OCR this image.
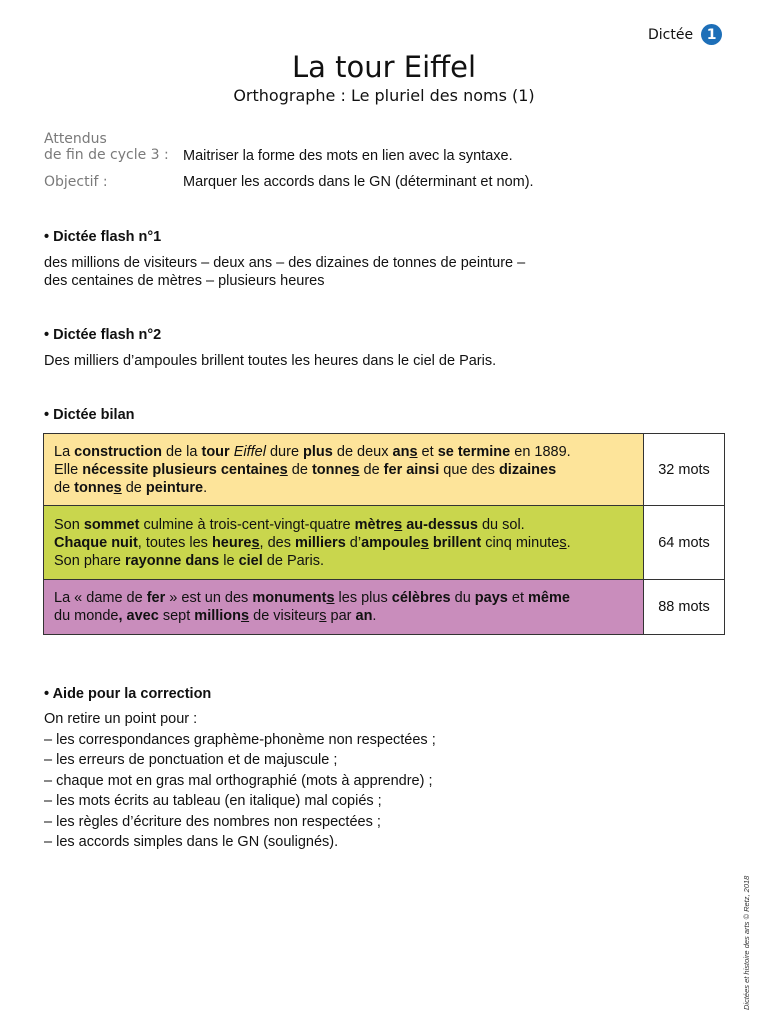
Dictée 1
La tour Eiffel
Orthographe : Le pluriel des noms (1)
Attendus
de fin de cycle 3 : Maitriser la forme des mots en lien avec la syntaxe.
Objectif :	Marquer les accords dans le GN (déterminant et nom).
• Dictée flash n°1
des millions de visiteurs – deux ans – des dizaines de tonnes de peinture –
des centaines de mètres – plusieurs heures
• Dictée flash n°2
Des milliers d’ampoules brillent toutes les heures dans le ciel de Paris.
• Dictée bilan
La construction de la tour Eiffel dure plus de deux ans et se termine en 1889.
Elle nécessite plusieurs centaines de tonnes de fer ainsi que des dizaines
de tonnes de peinture.	32 mots
Son sommet culmine à trois-cent-vingt-quatre mètres au-dessus du sol.
Chaque nuit, toutes les heures, des milliers d’ampoules brillent cinq minutes.
Son phare rayonne dans le ciel de Paris.	64 mots
La « dame de fer » est un des monuments les plus célèbres du pays et même
du monde, avec sept millions de visiteurs par an.	88 mots
• Aide pour la correction
On retire un point pour :
– les correspondances graphème-phonème non respectées ;
– les erreurs de ponctuation et de majuscule ;
– chaque mot en gras mal orthographié (mots à apprendre) ;
– les mots écrits au tableau (en italique) mal copiés ;
– les règles d’écriture des nombres non respectées ;
– les accords simples dans le GN (soulignés).
Dictées et histoire des arts © Retz, 2018
